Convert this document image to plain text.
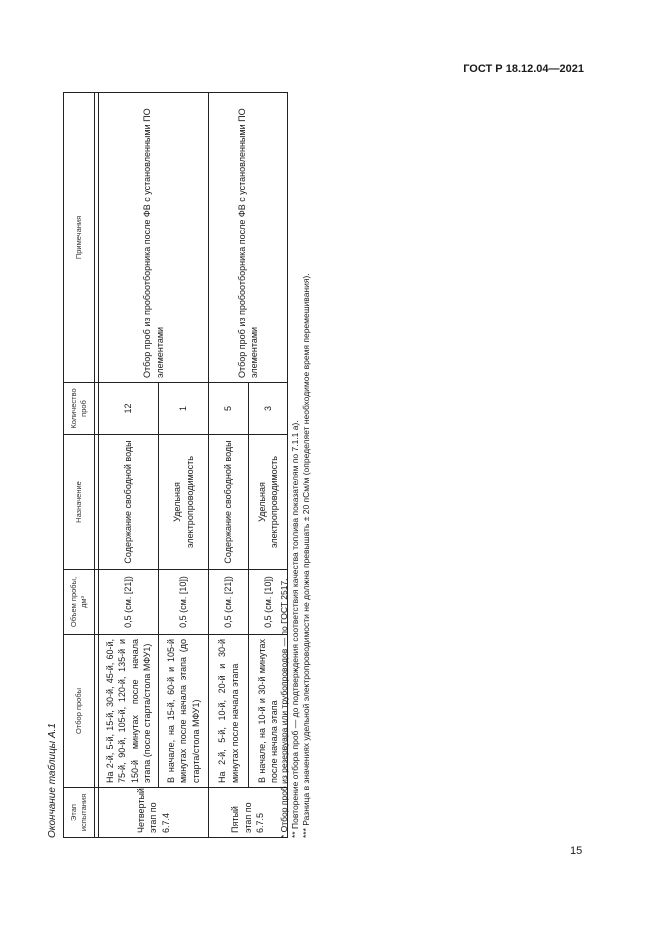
ГОСТ Р 18.12.04—2021
Окончание таблицы А.1 Этап испытания	Отбор пробы	Объем пробы, дм³	Назначение	Количество проб	Примечания

Четвертый этап по 6.7.4	На 2-й, 5-й, 15-й, 30-й, 45-й, 60-й, 75-й, 90-й, 105-й, 120-й, 135-й и 150-й минутах после начала этапа (после старта/стола МФУ1)	0,5 (см. [21])	Содержание свободной воды	12	Отбор проб из пробоотборника после ФВ с установленными ПО элементами
	В начале, на 15-й, 60-й и 105-й минутах после начала этапа (до старта/стола МФУ1)	0,5 (см. [10])	Удельная электропроводимость	1	
Пятый этап по 6.7.5	На 2-й, 5-й, 10-й, 20-й и 30-й минутах после начала этапа	0,5 (см. [21])	Содержание свободной воды	5	Отбор проб из пробоотборника после ФВ с установленными ПО элементами
	В начале, на 10-й и 30-й минутах после начала этапа	0,5 (см. [10])	Удельная электропроводимость	3	
* Отбор проб из резервуара или трубопроводов — по ГОСТ 2517. ** Повторение отбора проб — до подтверждения соответствия качества топлива показателям по 7.1.1 а). *** Разница в значениях удельной электропроводимости не должна превышать ± 20 пСм/м (определяет необходимое время перемешивания).
15
